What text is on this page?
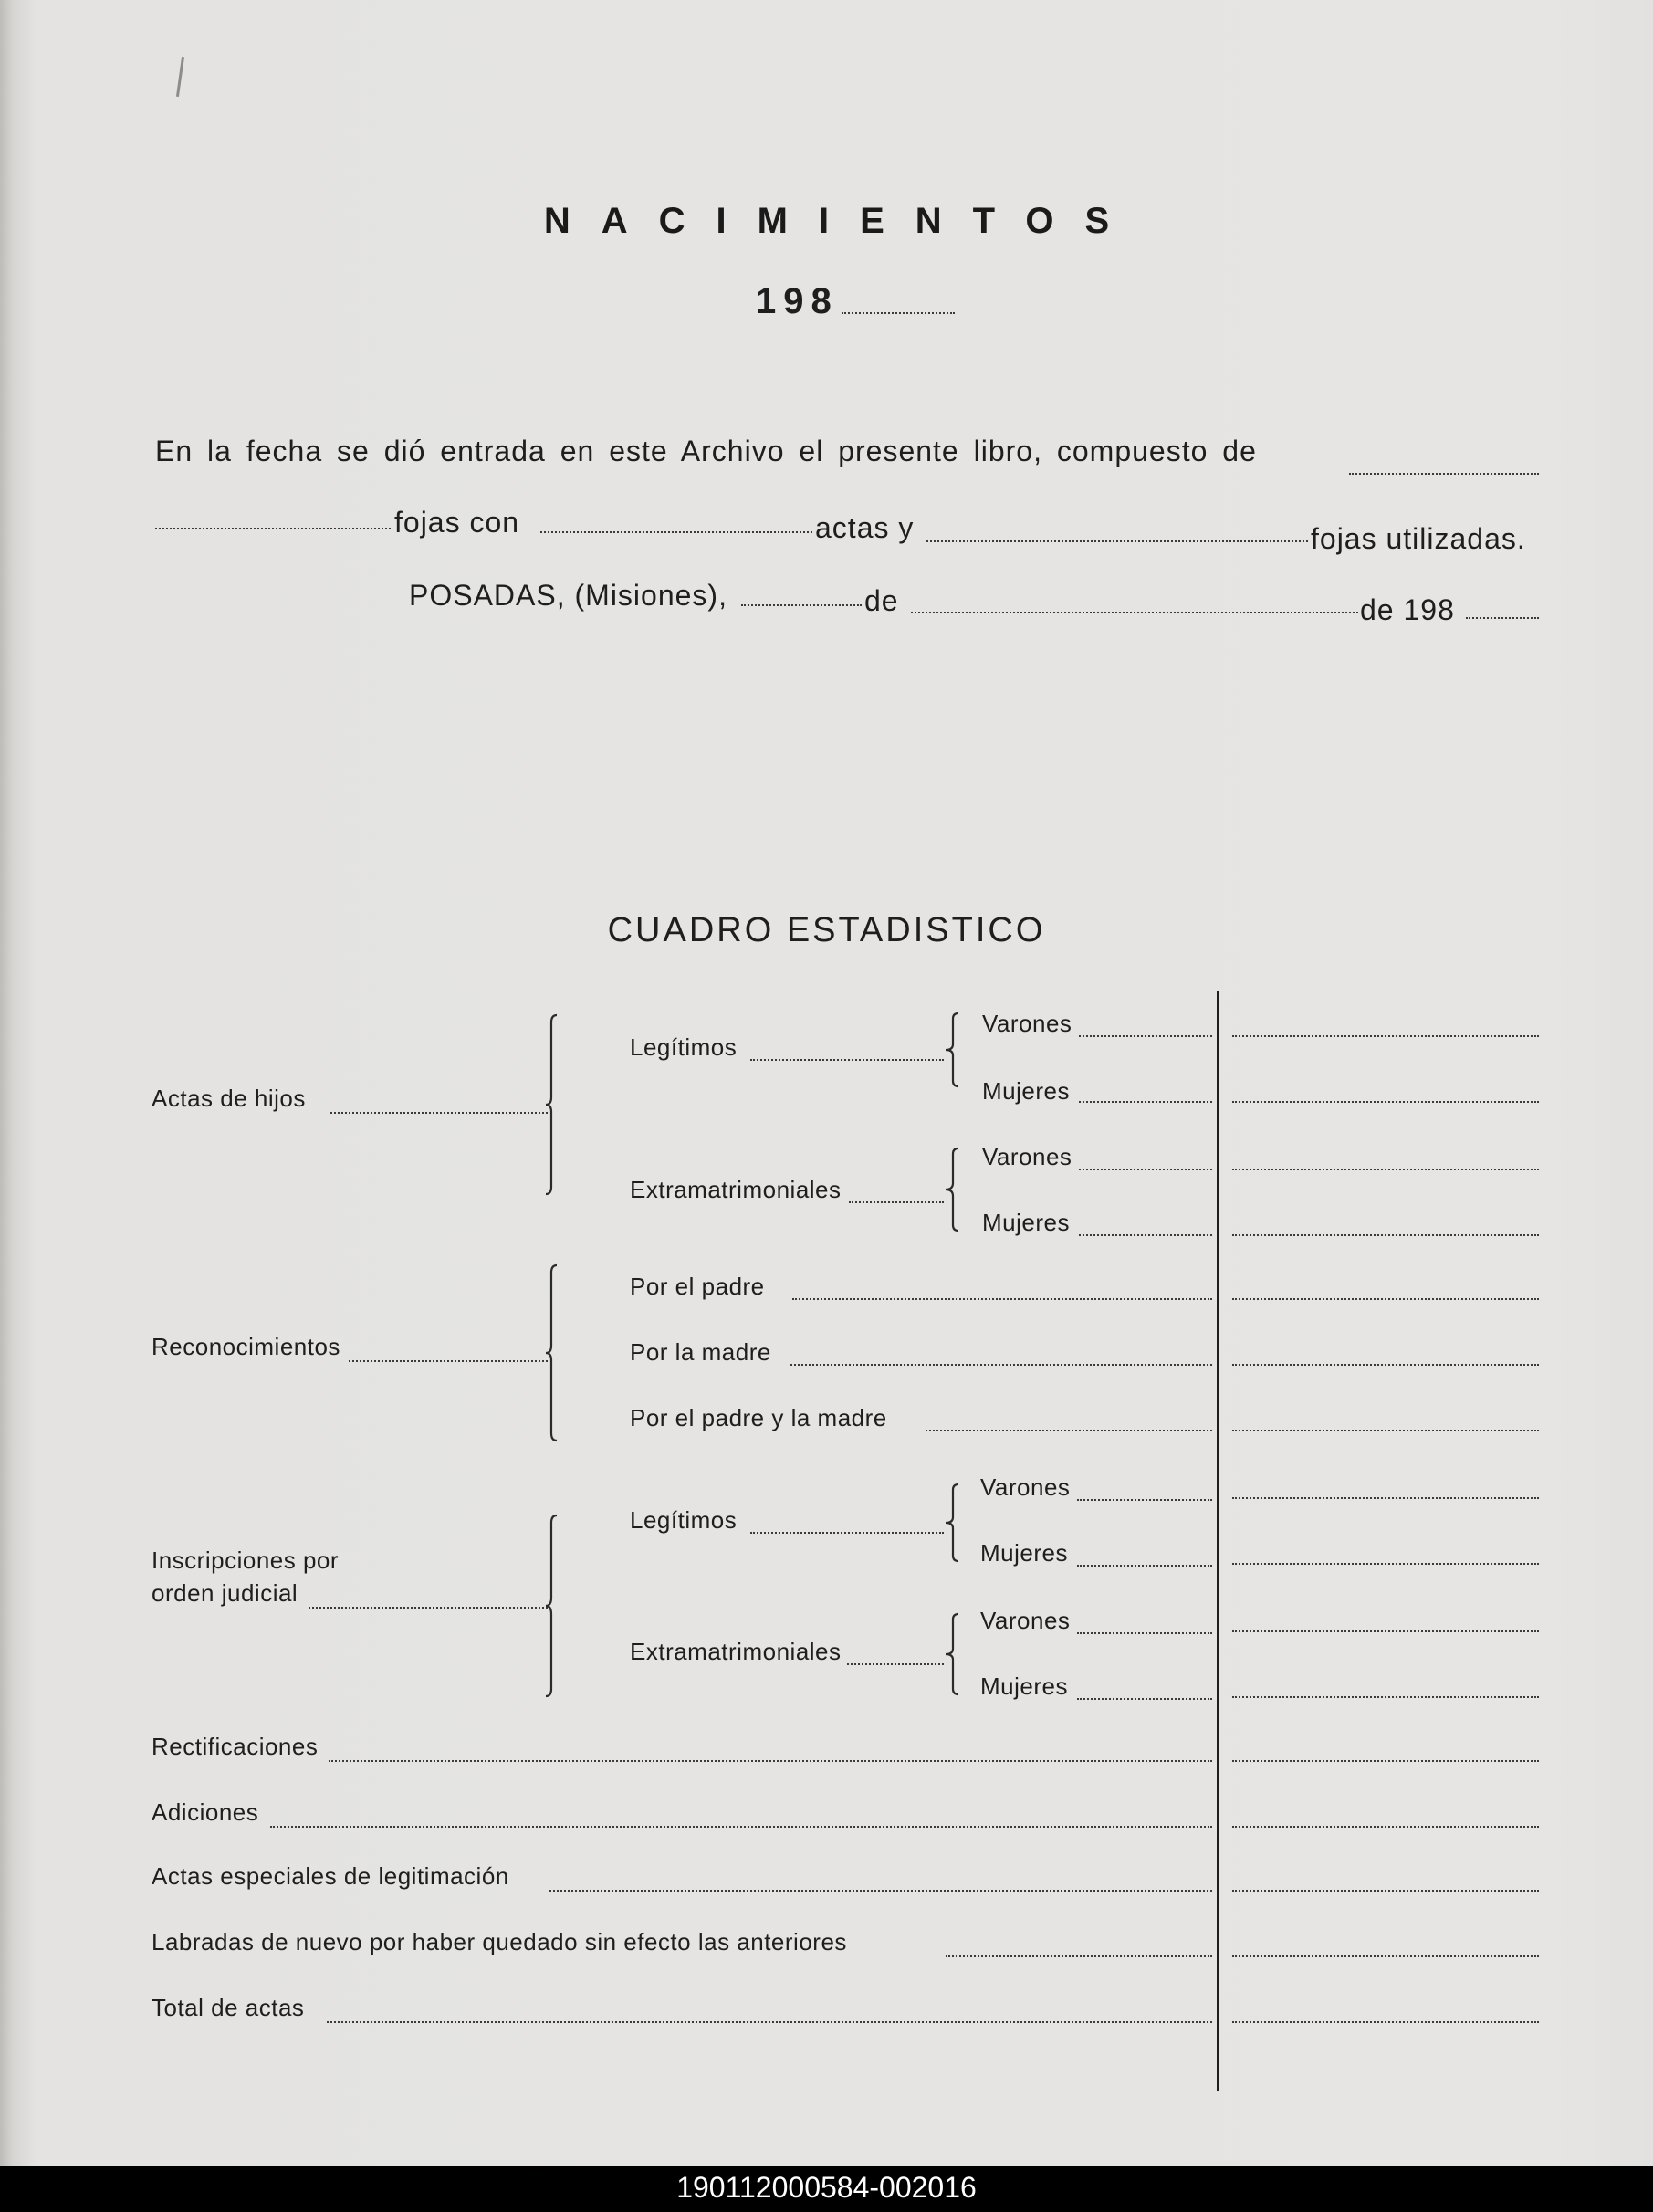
NACIMIENTOS
198
En la fecha se dió entrada en este Archivo el presente libro, compuesto de
fojas con	actas y	fojas utilizadas.
POSADAS, (Misiones),	de	de 198
CUADRO ESTADISTICO
Actas de hijos
Legítimos
Varones
Mujeres
Extramatrimoniales
Varones
Mujeres
Reconocimientos
Por el padre
Por la madre
Por el padre y la madre
Inscripciones por
orden judicial
Legítimos
Varones
Mujeres
Extramatrimoniales
Varones
Mujeres
Rectificaciones
Adiciones
Actas especiales de legitimación
Labradas de nuevo por haber quedado sin efecto las anteriores
Total de actas
190112000584-002016
